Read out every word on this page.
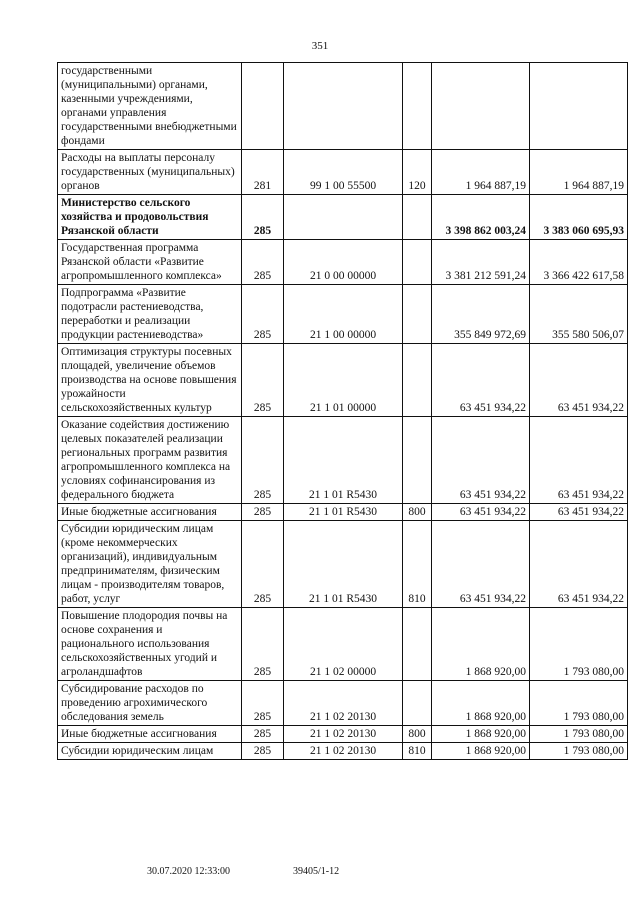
351
государственными (муниципальными) органами, казенными учреждениями, органами управления государственными внебюджетными фондами					
Расходы на выплаты персоналу государственных (муниципальных) органов	281	99 1 00 55500	120	1 964 887,19	1 964 887,19
Министерство сельского хозяйства и продовольствия Рязанской области	285			3 398 862 003,24	3 383 060 695,93
Государственная программа Рязанской области «Развитие агропромышленного комплекса»	285	21 0 00 00000		3 381 212 591,24	3 366 422 617,58
Подпрограмма «Развитие подотрасли растениеводства, переработки и реализации продукции растениеводства»	285	21 1 00 00000		355 849 972,69	355 580 506,07
Оптимизация структуры посевных площадей, увеличение объемов производства на основе повышения урожайности сельскохозяйственных культур	285	21 1 01 00000		63 451 934,22	63 451 934,22
Оказание содействия достижению целевых показателей реализации региональных программ развития агропромышленного комплекса на условиях софинансирования из федерального бюджета	285	21 1 01 R5430		63 451 934,22	63 451 934,22
Иные бюджетные ассигнования	285	21 1 01 R5430	800	63 451 934,22	63 451 934,22
Субсидии юридическим лицам (кроме некоммерческих организаций), индивидуальным предпринимателям, физическим лицам - производителям товаров, работ, услуг	285	21 1 01 R5430	810	63 451 934,22	63 451 934,22
Повышение плодородия почвы на основе сохранения и рационального использования сельскохозяйственных угодий и агроландшафтов	285	21 1 02 00000		1 868 920,00	1 793 080,00
Субсидирование расходов по проведению агрохимического обследования земель	285	21 1 02 20130		1 868 920,00	1 793 080,00
Иные бюджетные ассигнования	285	21 1 02 20130	800	1 868 920,00	1 793 080,00
Субсидии юридическим лицам	285	21 1 02 20130	810	1 868 920,00	1 793 080,00
30.07.2020 12:33:00	39405/1-12
